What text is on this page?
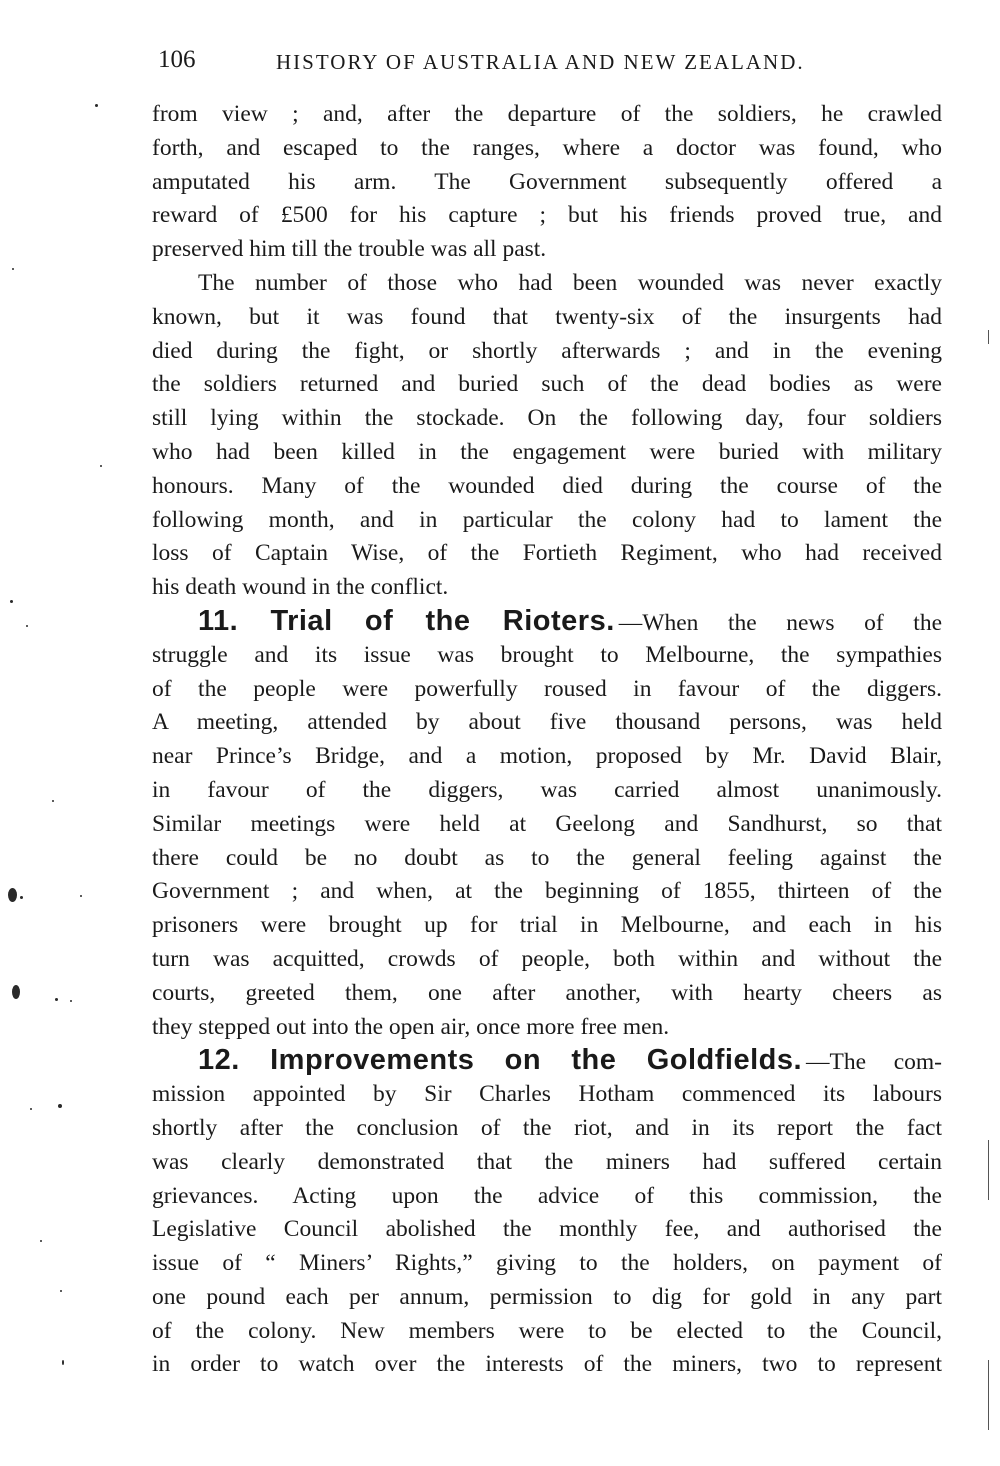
106	HISTORY OF AUSTRALIA AND NEW ZEALAND.
from view ; and, after the departure of the soldiers, he crawled
forth, and escaped to the ranges, where a doctor was found, who
amputated his arm. The Government subsequently offered a
reward of £500 for his capture ; but his friends proved true, and
preserved him till the trouble was all past.
The number of those who had been wounded was never exactly
known, but it was found that twenty-six of the insurgents had
died during the fight, or shortly afterwards ; and in the evening
the soldiers returned and buried such of the dead bodies as were
still lying within the stockade. On the following day, four soldiers
who had been killed in the engagement were buried with military
honours. Many of the wounded died during the course of the
following month, and in particular the colony had to lament the
loss of Captain Wise, of the Fortieth Regiment, who had received
his death wound in the conflict.
11. Trial of the Rioters. —When the news of the
struggle and its issue was brought to Melbourne, the sympathies
of the people were powerfully roused in favour of the diggers.
A meeting, attended by about five thousand persons, was held
near Prince’s Bridge, and a motion, proposed by Mr. David Blair,
in favour of the diggers, was carried almost unanimously.
Similar meetings were held at Geelong and Sandhurst, so that
there could be no doubt as to the general feeling against the
Government ; and when, at the beginning of 1855, thirteen of the
prisoners were brought up for trial in Melbourne, and each in his
turn was acquitted, crowds of people, both within and without the
courts, greeted them, one after another, with hearty cheers as
they stepped out into the open air, once more free men.
12. Improvements on the Goldfields. —The com-
mission appointed by Sir Charles Hotham commenced its labours
shortly after the conclusion of the riot, and in its report the fact
was clearly demonstrated that the miners had suffered certain
grievances. Acting upon the advice of this commission, the
Legislative Council abolished the monthly fee, and authorised the
issue of “ Miners’ Rights,” giving to the holders, on payment of
one pound each per annum, permission to dig for gold in any part
of the colony. New members were to be elected to the Council,
in order to watch over the interests of the miners, two to represent
